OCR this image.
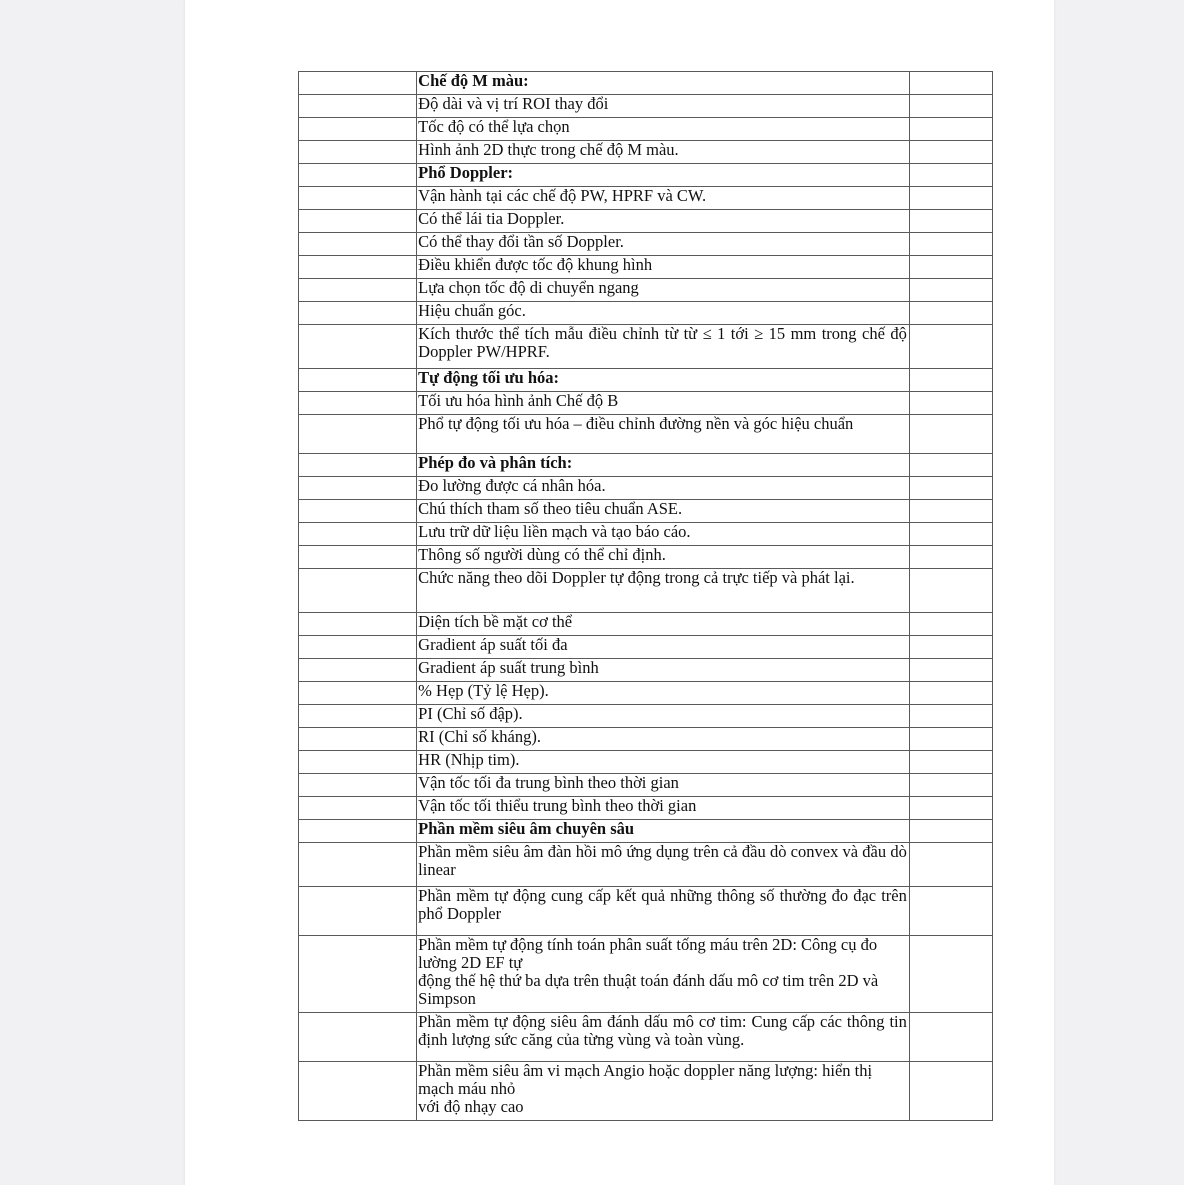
	Chế độ M màu:	
	Độ dài và vị trí ROI thay đổi	
	Tốc độ có thể lựa chọn	
	Hình ảnh 2D thực trong chế độ M màu.	
	Phổ Doppler:	
	Vận hành tại các chế độ PW, HPRF và CW.	
	Có thể lái tia Doppler.	
	Có thể thay đổi tần số Doppler.	
	Điều khiển được tốc độ khung hình	
	Lựa chọn tốc độ di chuyển ngang	
	Hiệu chuẩn góc.	
	Kích thước thể tích mẫu điều chỉnh từ từ ≤ 1 tới ≥ 15 mm trong chế độ Doppler PW/HPRF.	
	Tự động tối ưu hóa:	
	Tối ưu hóa hình ảnh Chế độ B	
	Phổ tự động tối ưu hóa – điều chỉnh đường nền và góc hiệu chuẩn	
	Phép đo và phân tích:	
	Đo lường được cá nhân hóa.	
	Chú thích tham số theo tiêu chuẩn ASE.	
	Lưu trữ dữ liệu liền mạch và tạo báo cáo.	
	Thông số người dùng có thể chỉ định.	
	Chức năng theo dõi Doppler tự động trong cả trực tiếp và phát lại.	
	Diện tích bề mặt cơ thể	
	Gradient áp suất tối đa	
	Gradient áp suất trung bình	
	% Hẹp (Tỷ lệ Hẹp).	
	PI (Chỉ số đập).	
	RI (Chỉ số kháng).	
	HR (Nhịp tim).	
	Vận tốc tối đa trung bình theo thời gian	
	Vận tốc tối thiểu trung bình theo thời gian	
	Phần mềm siêu âm chuyên sâu	
	Phần mềm siêu âm đàn hồi mô ứng dụng trên cả đầu dò convex và đầu dò linear	
	Phần mềm tự động cung cấp kết quả những thông số thường đo đạc trên phổ Doppler	

	Phần mềm tự động tính toán phân suất tống máu trên 2D: Công cụ đo lường 2D EF tự
động thế hệ thứ ba dựa trên thuật toán đánh dấu mô cơ tim trên 2D và Simpson	

	Phần mềm tự động siêu âm đánh dấu mô cơ tim: Cung cấp các thông tin định lượng sức căng của từng vùng và toàn vùng.	

	Phần mềm siêu âm vi mạch Angio hoặc doppler năng lượng: hiển thị mạch máu nhỏ
với độ nhạy cao	
